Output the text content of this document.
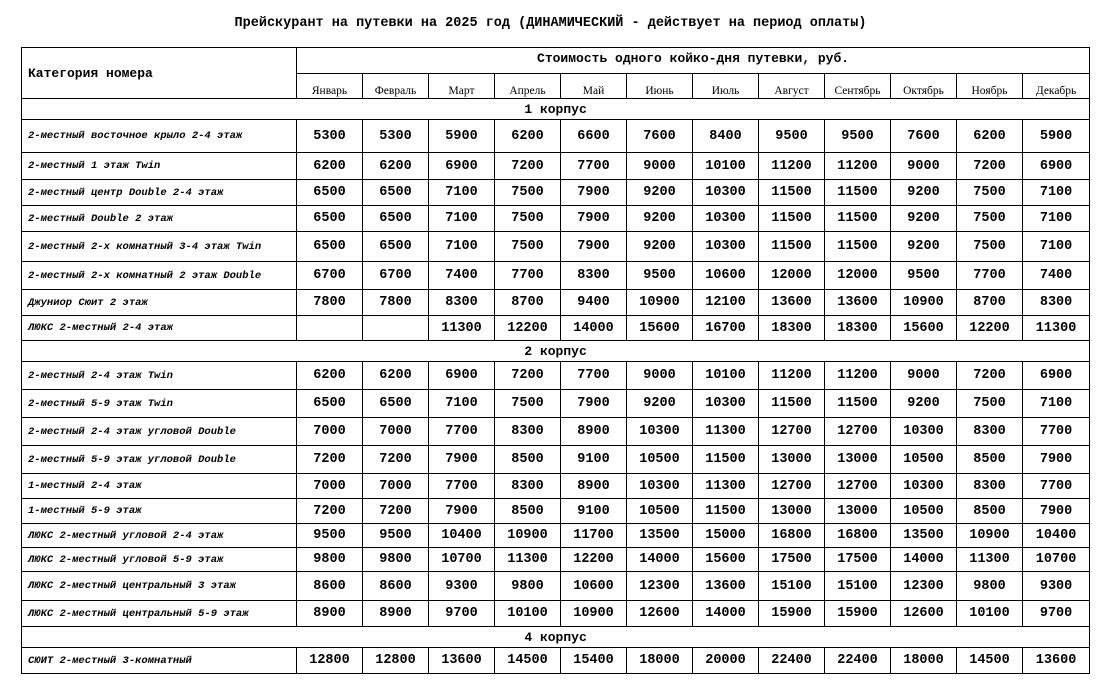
Прейскурант на путевки на 2025 год (ДИНАМИЧЕСКИЙ - действует на период оплаты)
Категория номера	Стоимость одного койко-дня путевки, руб.											
	Январь	Февраль	Март	Апрель	Май	Июнь	Июль	Август	Сентябрь	Октябрь	Ноябрь	Декабрь
1 корпус												
2-местный восточное крыло 2-4 этаж	5300	5300	5900	6200	6600	7600	8400	9500	9500	7600	6200	5900
2-местный 1 этаж Twin	6200	6200	6900	7200	7700	9000	10100	11200	11200	9000	7200	6900
2-местный центр Double 2-4 этаж	6500	6500	7100	7500	7900	9200	10300	11500	11500	9200	7500	7100
2-местный Double 2 этаж	6500	6500	7100	7500	7900	9200	10300	11500	11500	9200	7500	7100
2-местный 2-х комнатный 3-4 этаж Twin	6500	6500	7100	7500	7900	9200	10300	11500	11500	9200	7500	7100
2-местный 2-х комнатный 2 этаж Double	6700	6700	7400	7700	8300	9500	10600	12000	12000	9500	7700	7400
Джуниор Сюит 2 этаж	7800	7800	8300	8700	9400	10900	12100	13600	13600	10900	8700	8300
ЛЮКС 2-местный 2-4 этаж			11300	12200	14000	15600	16700	18300	18300	15600	12200	11300
2 корпус												
2-местный 2-4 этаж Twin	6200	6200	6900	7200	7700	9000	10100	11200	11200	9000	7200	6900
2-местный 5-9 этаж Twin	6500	6500	7100	7500	7900	9200	10300	11500	11500	9200	7500	7100
2-местный 2-4 этаж угловой Double	7000	7000	7700	8300	8900	10300	11300	12700	12700	10300	8300	7700
2-местный 5-9 этаж угловой Double	7200	7200	7900	8500	9100	10500	11500	13000	13000	10500	8500	7900
1-местный 2-4 этаж	7000	7000	7700	8300	8900	10300	11300	12700	12700	10300	8300	7700
1-местный 5-9 этаж	7200	7200	7900	8500	9100	10500	11500	13000	13000	10500	8500	7900
ЛЮКС 2-местный угловой 2-4 этаж	9500	9500	10400	10900	11700	13500	15000	16800	16800	13500	10900	10400
ЛЮКС 2-местный угловой 5-9 этаж	9800	9800	10700	11300	12200	14000	15600	17500	17500	14000	11300	10700
ЛЮКС 2-местный центральный 3 этаж	8600	8600	9300	9800	10600	12300	13600	15100	15100	12300	9800	9300
ЛЮКС 2-местный центральный 5-9 этаж	8900	8900	9700	10100	10900	12600	14000	15900	15900	12600	10100	9700
4 корпус												
СЮИТ 2-местный 3-комнатный	12800	12800	13600	14500	15400	18000	20000	22400	22400	18000	14500	13600
